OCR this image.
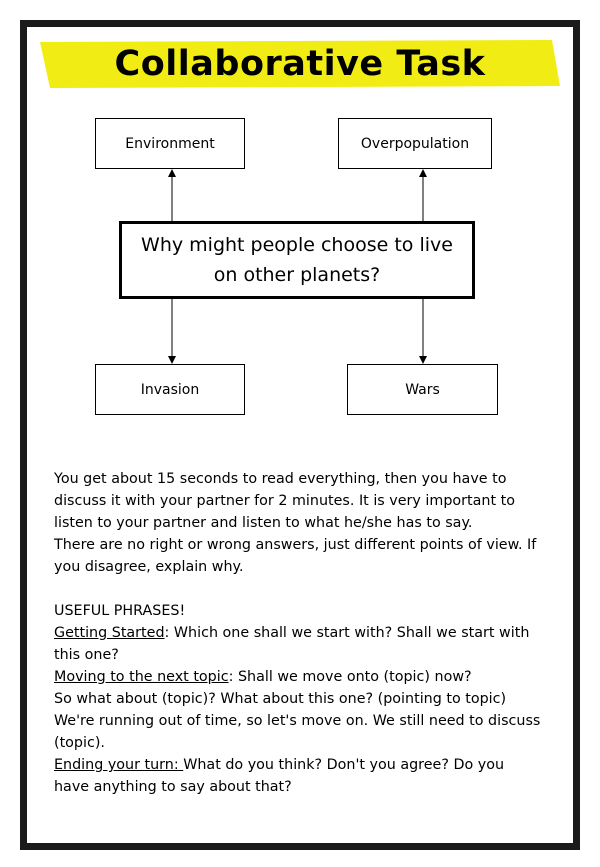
Collaborative Task
Environment	Overpopulation
Invasion	Wars
Why might people choose to live
on other planets?

You get about 15 seconds to read everything, then you have to

discuss it with your partner for 2 minutes. It is very important to

listen to your partner and listen to what he/she has to say.

There are no right or wrong answers, just different points of view. If

you disagree, explain why.

USEFUL PHRASES!

Getting Started: Which one shall we start with? Shall we start with

this one?

Moving to the next topic: Shall we move onto (topic) now?

So what about (topic)? What about this one? (pointing to topic)

We're running out of time, so let's move on. We still need to discuss

(topic).

Ending your turn: What do you think? Don't you agree? Do you

have anything to say about that?
